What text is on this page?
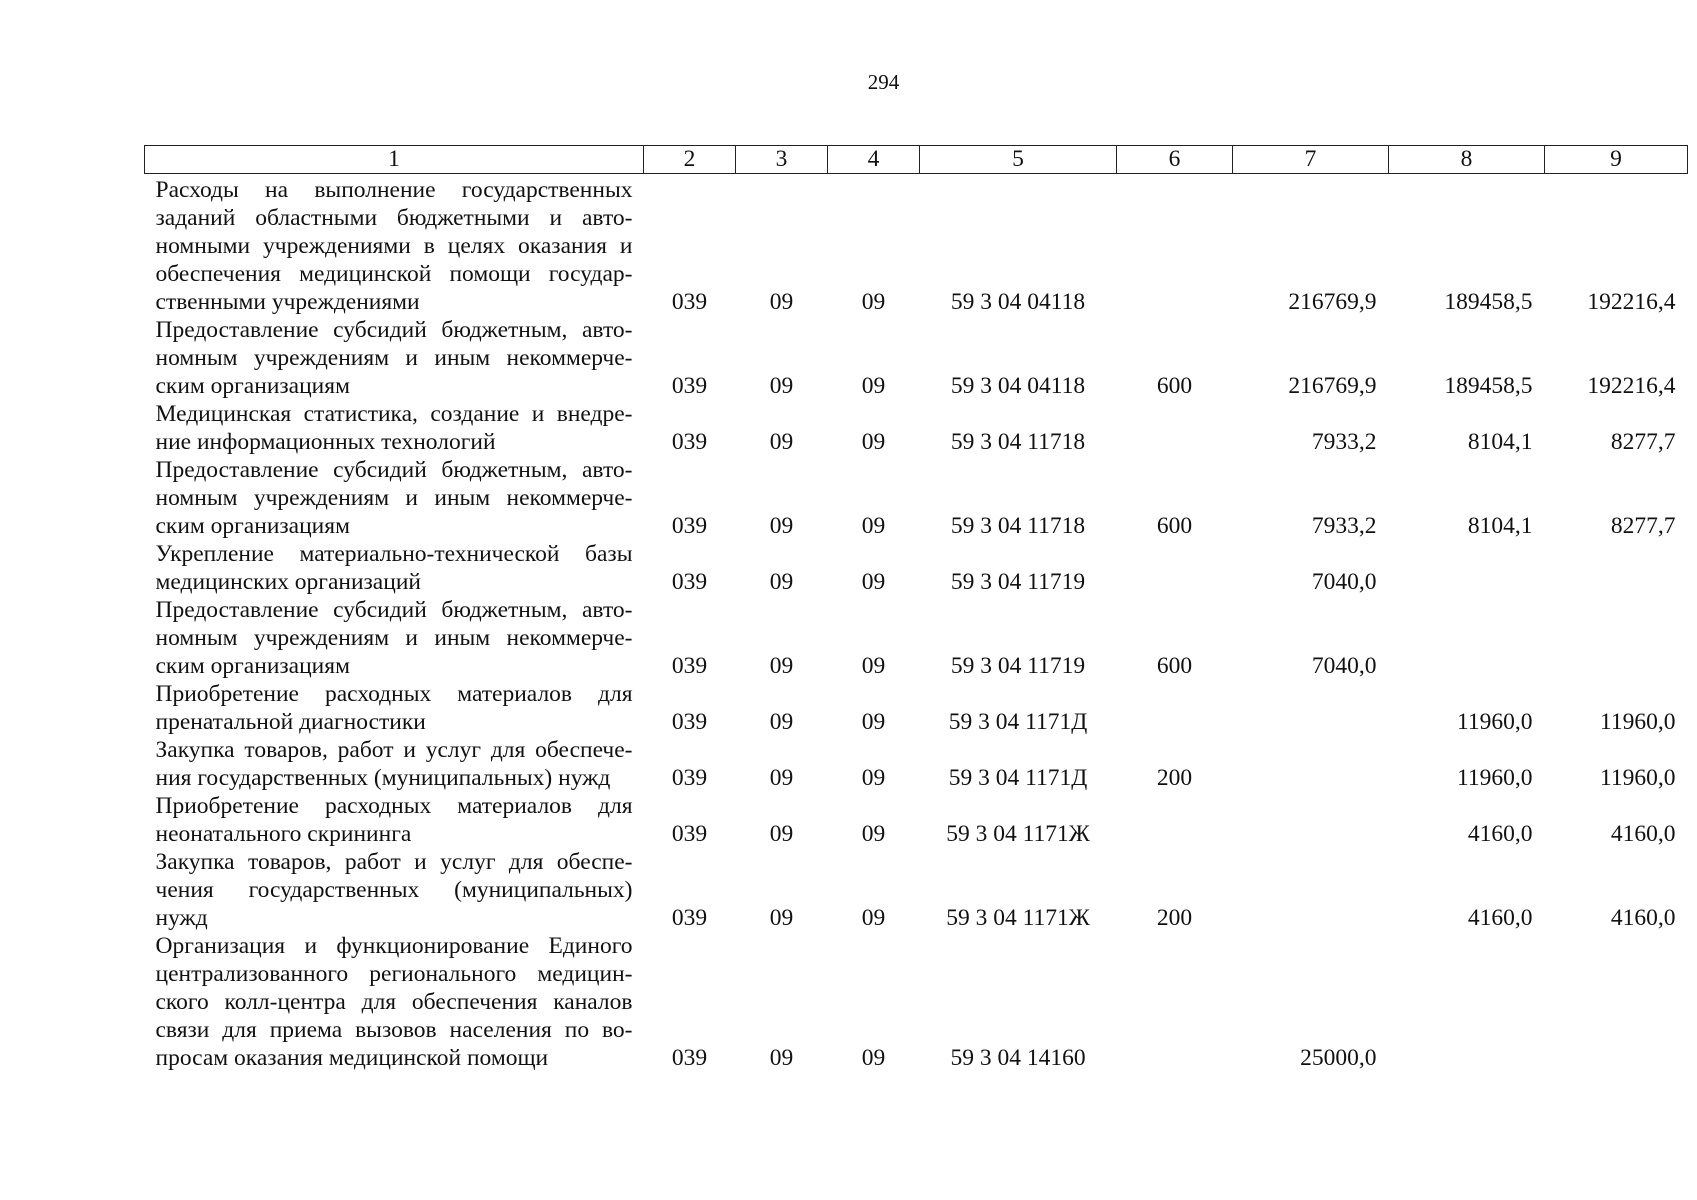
294
1	2	3	4	5	6	7	8	9
Расходы на выполнение государственных заданий областными бюджетными и автономными учреждениями в целях оказания и обеспечения медицинской помощи государственными учреждениями	039	09	09	59 3 04 04118		216769,9	189458,5	192216,4
Предоставление субсидий бюджетным, автономным учреждениям и иным некоммерческим организациям	039	09	09	59 3 04 04118	600	216769,9	189458,5	192216,4
Медицинская статистика, создание и внедрение информационных технологий	039	09	09	59 3 04 11718		7933,2	8104,1	8277,7
Предоставление субсидий бюджетным, автономным учреждениям и иным некоммерческим организациям	039	09	09	59 3 04 11718	600	7933,2	8104,1	8277,7
Укрепление материально-технической базы медицинских организаций	039	09	09	59 3 04 11719		7040,0		
Предоставление субсидий бюджетным, автономным учреждениям и иным некоммерческим организациям	039	09	09	59 3 04 11719	600	7040,0		
Приобретение расходных материалов для пренатальной диагностики	039	09	09	59 3 04 1171Д			11960,0	11960,0
Закупка товаров, работ и услуг для обеспечения государственных (муниципальных) нужд	039	09	09	59 3 04 1171Д	200		11960,0	11960,0
Приобретение расходных материалов для неонатального скрининга	039	09	09	59 3 04 1171Ж			4160,0	4160,0
Закупка товаров, работ и услуг для обеспечения государственных (муниципальных) нужд	039	09	09	59 3 04 1171Ж	200		4160,0	4160,0
Организация и функционирование Единого централизованного регионального медицинского колл-центра для обеспечения каналов связи для приема вызовов населения по вопросам оказания медицинской помощи	039	09	09	59 3 04 14160		25000,0		
